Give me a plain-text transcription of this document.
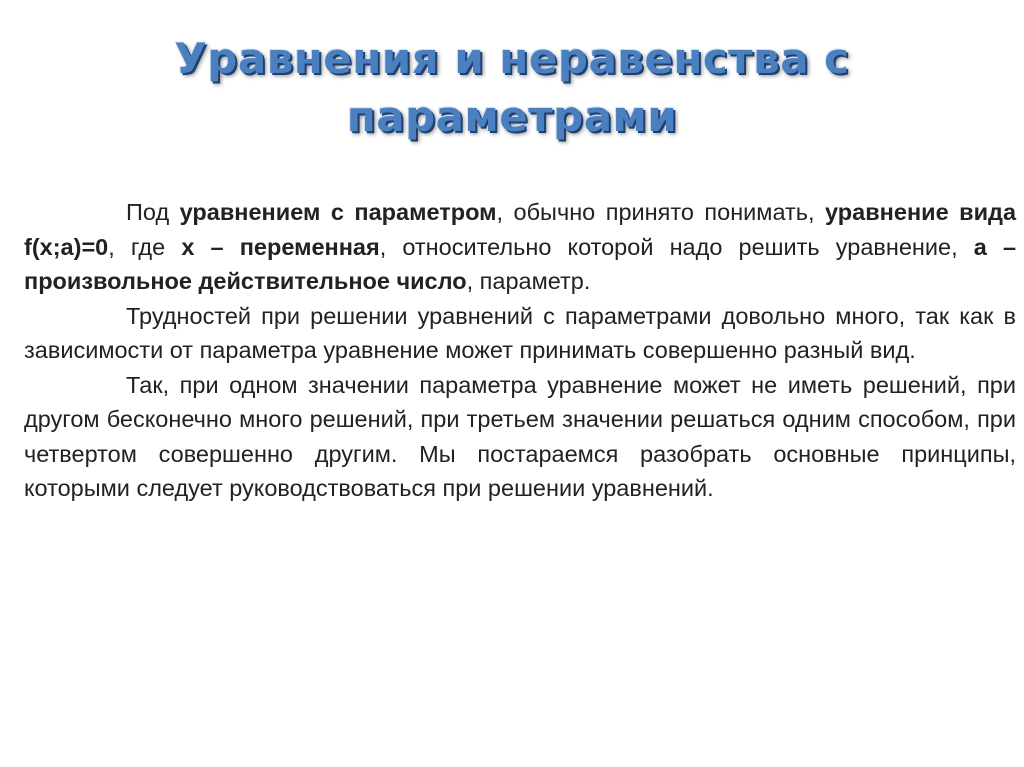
Уравнения и неравенства с
параметрами

Под уравнением с параметром, обычно принято понимать, уравнение вида f(x;a)=0, где x – переменная, относительно которой надо решить уравнение, a – произвольное действительное число, параметр.

Трудностей при решении уравнений с параметрами довольно много, так как в зависимости от параметра уравнение может принимать совершенно разный вид.

Так, при одном значении параметра уравнение может не иметь решений, при другом бесконечно много решений, при третьем значении решаться одним способом, при четвертом совершенно другим. Мы постараемся разобрать основные принципы, которыми следует руководствоваться при решении уравнений.
